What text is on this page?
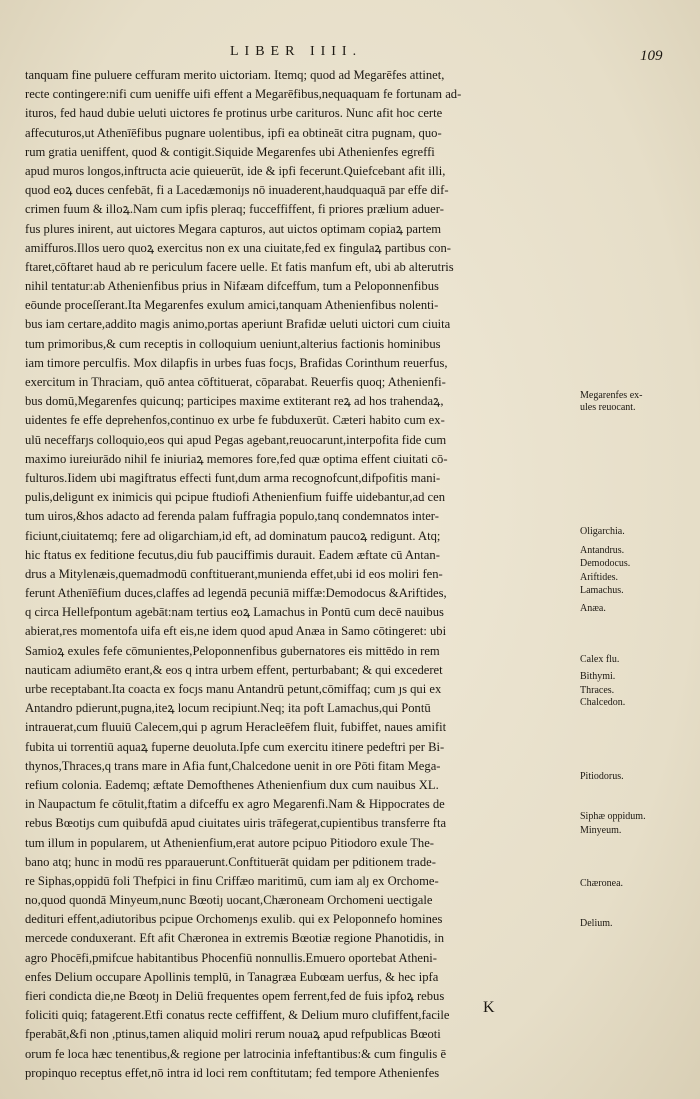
LIBER IIII.	109
tanquam fine puluere ceffuram merito uictoriam. Itemq; quod ad Megarēfes attinet,
recte contingere:nifi cum ueniffe uifi effent a Megarēfibus,nequaquam fe fortunam ad-
ituros, fed haud dubie ueluti uictores fe protinus urbe carituros. Nunc afit hoc certe
affecuturos,ut Athenīēfibus pugnare uolentibus, ipfi ea obtineāt citra pugnam, quo-
rum gratia ueniffent, quod & contigit.Siquide Megarenfes ubi Athenienfes egreffi
apud muros longos,inftructa acie quieuerūt, ide & ipfi fecerunt.Quiefcebant afit illi,
quod eoꝝ duces cenfebāt, fi a Lacedæmoniȷs nō inuaderent,haudquaquā par effe dif-
crimen fuum & illoꝝ.Nam cum ipfis pleraq; fucceffiffent, fi priores prælium aduer-
fus plures inirent, aut uictores Megara capturos, aut uictos optimam copiaꝝ partem
amiffuros.Illos uero quoꝝ exercitus non ex una ciuitate,fed ex fingulaꝝ partibus con-
ftaret,cōftaret haud ab re periculum facere uelle. Et fatis manfum eft, ubi ab alterutris
nihil tentatur:ab Athenienfibus prius in Nifæam difceffum, tum a Peloponnenfibus
eōunde proceſſerant.Ita Megarenfes exulum amici,tanquam Athenienfibus nolenti-
bus iam certare,addito magis animo,portas aperiunt Brafidæ ueluti uictori cum ciuita
tum primoribus,& cum receptis in colloquium ueniunt,alterius factionis hominibus
iam timore perculfis. Mox dilapfis in urbes fuas focȷs, Brafidas Corinthum reuerfus,
exercitum in Thraciam, quō antea cōftituerat, cōparabat. Reuerfis quoq; Athenienfi-
bus domū,Megarenfes quicunq; participes maxime extiterant reꝝ ad hos trahendaꝝ,
uidentes fe effe deprehenfos,continuo ex urbe fe fubduxerūt. Cæteri habito cum ex-
ulū neceffarȷs colloquio,eos qui apud Pegas agebant,reuocarunt,interpofita fide cum
maximo iureiurādo nihil fe iniuriaꝝ memores fore,fed quæ optima effent ciuitati cō-
fulturos.Iidem ubi magiftratus effecti funt,dum arma recognofcunt,difpofitis mani-
pulis,deligunt ex inimicis qui pcipue ftudiofi Athenienfium fuiffe uidebantur,ad cen
tum uiros,&hos adacto ad ferenda palam fuffragia populo,tanq condemnatos inter-
ficiunt,ciuitatemq; fere ad oligarchiam,id eft, ad dominatum paucoꝝ redigunt. Atq;
hic ftatus ex feditione fecutus,diu fub pauciffimis durauit. Eadem æftate cū Antan-
drus a Mitylenæis,quemadmodū conftituerant,munienda effet,ubi id eos moliri fen-
ferunt Athenīēfium duces,claffes ad legendā pecuniā miffæ:Demodocus &Ariftides,
q circa Hellefpontum agebāt:nam tertius eoꝝ Lamachus in Pontū cum decē nauibus
abierat,res momentofa uifa eft eis,ne idem quod apud Anæa in Samo cōtingeret: ubi
Samioꝝ exules fefe cōmunientes,Peloponnenfibus gubernatores eis mittēdo in rem
nauticam adiumēto erant,& eos q intra urbem effent, perturbabant; & qui excederet
urbe receptabant.Ita coacta ex focȷs manu Antandrū petunt,cōmiffaq; cum ȷs qui ex
Antandro pdierunt,pugna,iteꝝ locum recipiunt.Neq; ita poft Lamachus,qui Pontū
intrauerat,cum fluuiū Calecem,qui p agrum Heracleēfem fluit, fubiffet, naues amifit
fubita ui torrentiū aquaꝝ fuperne deuoluta.Ipfe cum exercitu itinere pedeftri per Bi-
thynos,Thraces,q trans mare in Afia funt,Chalcedone uenit in ore Pōti fitam Mega-
refium colonia. Eademq; æftate Demofthenes Athenienfium dux cum nauibus XL.
in Naupactum fe cōtulit,ftatim a difceffu ex agro Megarenfi.Nam & Hippocrates de
rebus Bœotiȷs cum quibufdā apud ciuitates uiris trāfegerat,cupientibus transferre fta
tum illum in popularem, ut Athenienfium,erat autore pcipuo Pitiodoro exule The-
bano atq; hunc in modū res pparauerunt.Conftituerāt quidam per pditionem trade-
re Siphas,oppidū foli Thefpici in finu Criffæo maritimū, cum iam alȷ ex Orchome-
no,quod quondā Minyeum,nunc Bœotiȷ uocant,Chæroneam Orchomeni uectigale
dedituri effent,adiutoribus pcipue Orchomenȷs exulib. qui ex Peloponnefo homines
mercede conduxerant. Eft afit Chæronea in extremis Bœotiæ regione Phanotidis, in
agro Phocēfi,pmifcue habitantibus Phocenfiū nonnullis.Emuero oportebat Atheni-
enfes Delium occupare Apollinis templū, in Tanagræa Eubœam uerfus, & hec ipfa
fieri condicta die,ne Bœotȷ in Deliū frequentes opem ferrent,fed de fuis ipfoꝝ rebus
foliciti quiq; fatagerent.Etfi conatus recte ceffiffent, & Delium muro clufiffent,facile
fperabāt,&fi non ,ptinus,tamen aliquid moliri rerum nouaꝝ apud refpublicas Bœoti
orum fe loca hæc tenentibus,& regione per latrocinia infeftantibus:& cum fingulis ē
propinquo receptus effet,nō intra id loci rem conftitutam; fed tempore Athenienfes
Megarenfes ex-
ules reuocant.
Oligarchia.
Antandrus.
Demodocus.
Ariftides.
Lamachus.
Anæa.
Calex flu.
Bithymi.
Thraces.
Chalcedon.
Pitiodorus.
Siphæ oppidum.
Minyeum.
Chæronea.
Delium.
K
